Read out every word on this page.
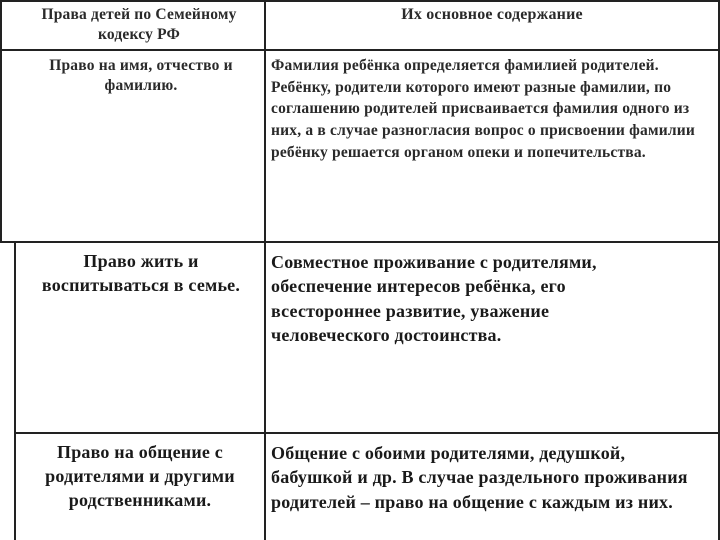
Права детей по Семейному кодексу РФ
Их основное содержание
Право на имя, отчество и фамилию.
Фамилия ребёнка определяется фамилией родителей. Ребёнку, родители которого имеют разные фамилии, по соглашению родителей присваивается фамилия одного из них, а в случае разногласия вопрос о присвоении фамилии ребёнку решается органом опеки и попечительства.
Право жить и воспитываться в семье.
Совместное проживание с родителями, обеспечение интересов ребёнка, его всестороннее развитие, уважение человеческого достоинства.
Право на общение с родителями и другими родственниками.
Общение с обоими родителями, дедушкой, бабушкой и др. В случае раздельного проживания родителей – право на общение с каждым из них.
